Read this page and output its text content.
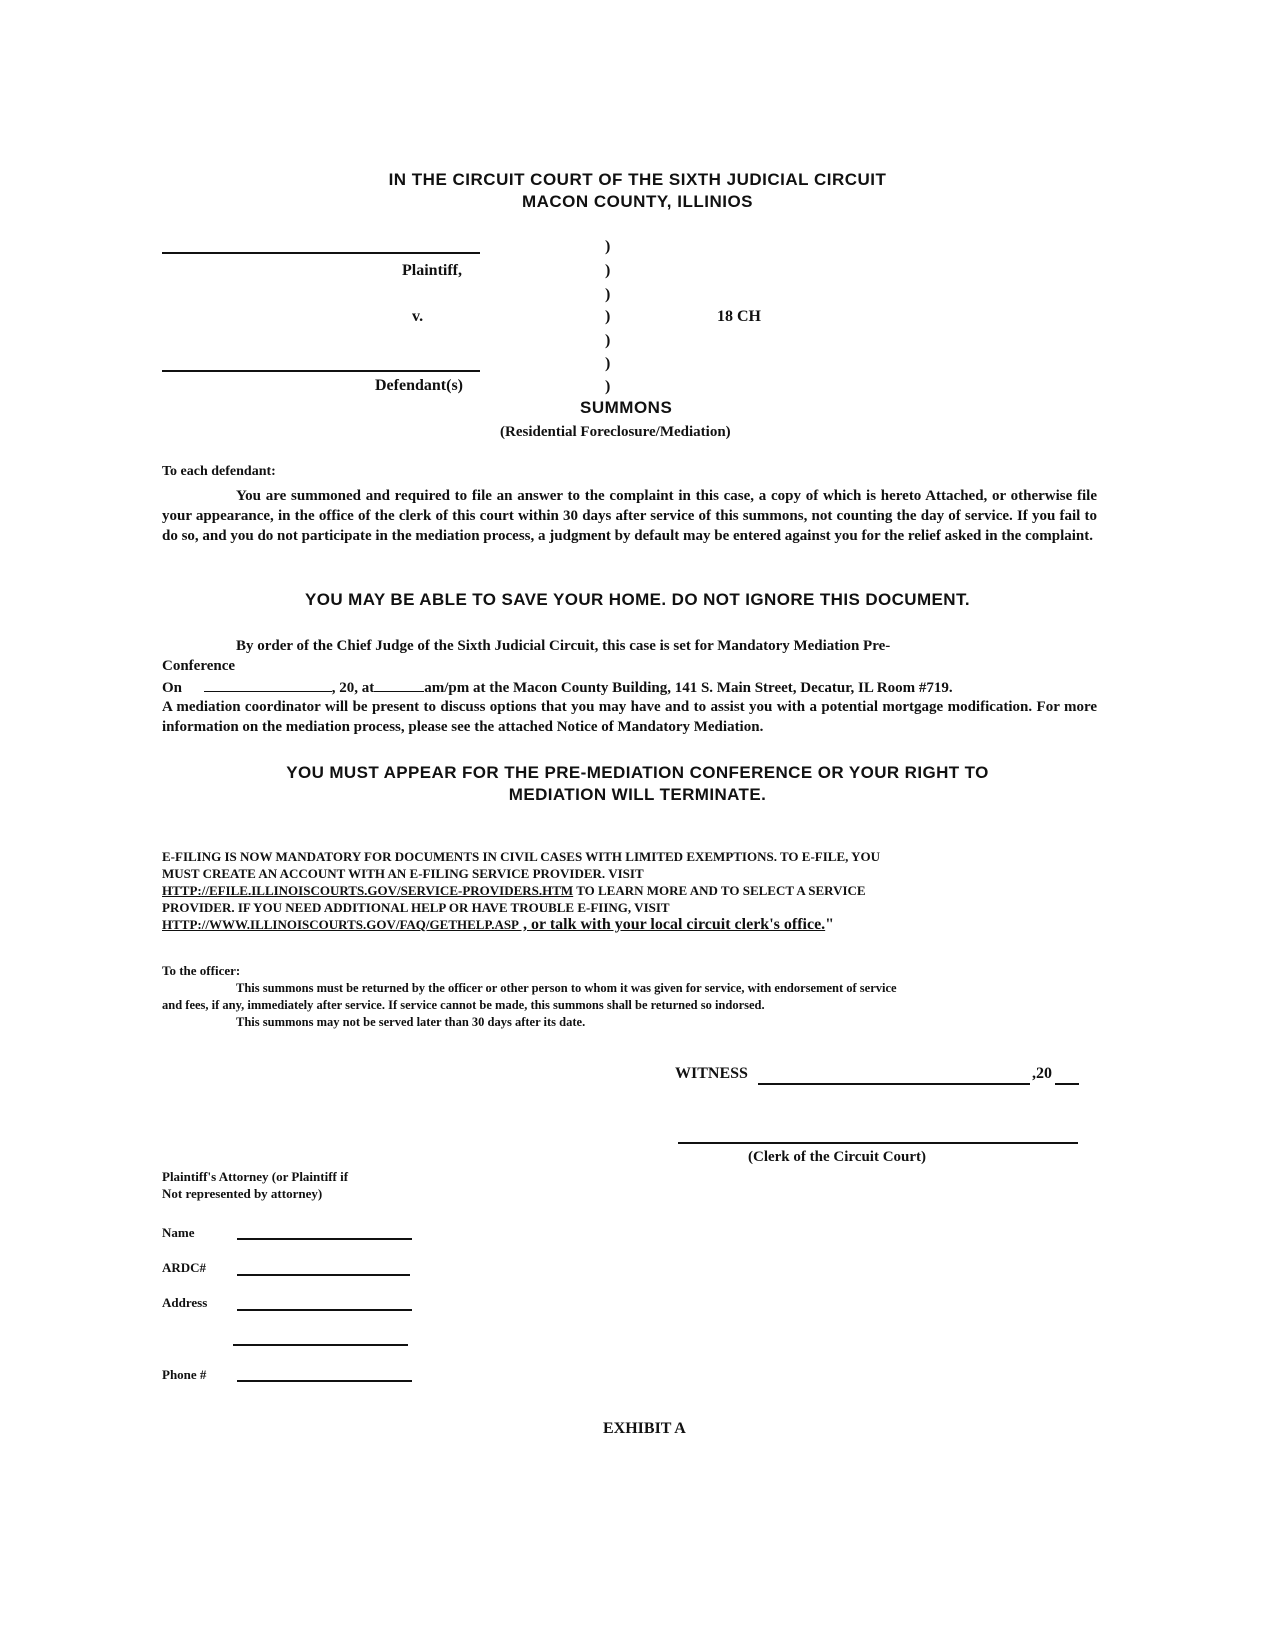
IN THE CIRCUIT COURT OF THE SIXTH JUDICIAL CIRCUIT
MACON COUNTY, ILLINIOS
Plaintiff,
v.	18 CH
Defendant(s)
)
)
)
)
)
)
)
SUMMONS
(Residential Foreclosure/Mediation)
To each defendant:
You are summoned and required to file an answer to the complaint in this case, a copy of which is hereto Attached, or otherwise file your appearance, in the office of the clerk of this court within 30 days after service of this summons, not counting the day of service. If you fail to do so, and you do not participate in the mediation process, a judgment by default may be entered against you for the relief asked in the complaint.
YOU MAY BE ABLE TO SAVE YOUR HOME. DO NOT IGNORE THIS DOCUMENT.
By order of the Chief Judge of the Sixth Judicial Circuit, this case is set for Mandatory Mediation Pre-
Conference
On	, 20, at	am/pm at the Macon County Building, 141 S. Main Street, Decatur, IL Room #719.
A mediation coordinator will be present to discuss options that you may have and to assist you with a potential mortgage modification. For more information on the mediation process, please see the attached Notice of Mandatory Mediation.
YOU MUST APPEAR FOR THE PRE-MEDIATION CONFERENCE OR YOUR RIGHT TO
MEDIATION WILL TERMINATE.
E-FILING IS NOW MANDATORY FOR DOCUMENTS IN CIVIL CASES WITH LIMITED EXEMPTIONS. TO E-FILE, YOU
MUST CREATE AN ACCOUNT WITH AN E-FILING SERVICE PROVIDER. VISIT
HTTP://EFILE.ILLINOISCOURTS.GOV/SERVICE-PROVIDERS.HTM TO LEARN MORE AND TO SELECT A SERVICE
PROVIDER. IF YOU NEED ADDITIONAL HELP OR HAVE TROUBLE E-FIING, VISIT
HTTP://WWW.ILLINOISCOURTS.GOV/FAQ/GETHELP.ASP , or talk with your local circuit clerk's office."
To the officer:
This summons must be returned by the officer or other person to whom it was given for service, with endorsement of service
and fees, if any, immediately after service. If service cannot be made, this summons shall be returned so indorsed.
This summons may not be served later than 30 days after its date.
WITNESS	,20
(Clerk of the Circuit Court)
Plaintiff's Attorney (or Plaintiff if
Not represented by attorney)
Name
ARDC#
Address
Phone #
EXHIBIT A
